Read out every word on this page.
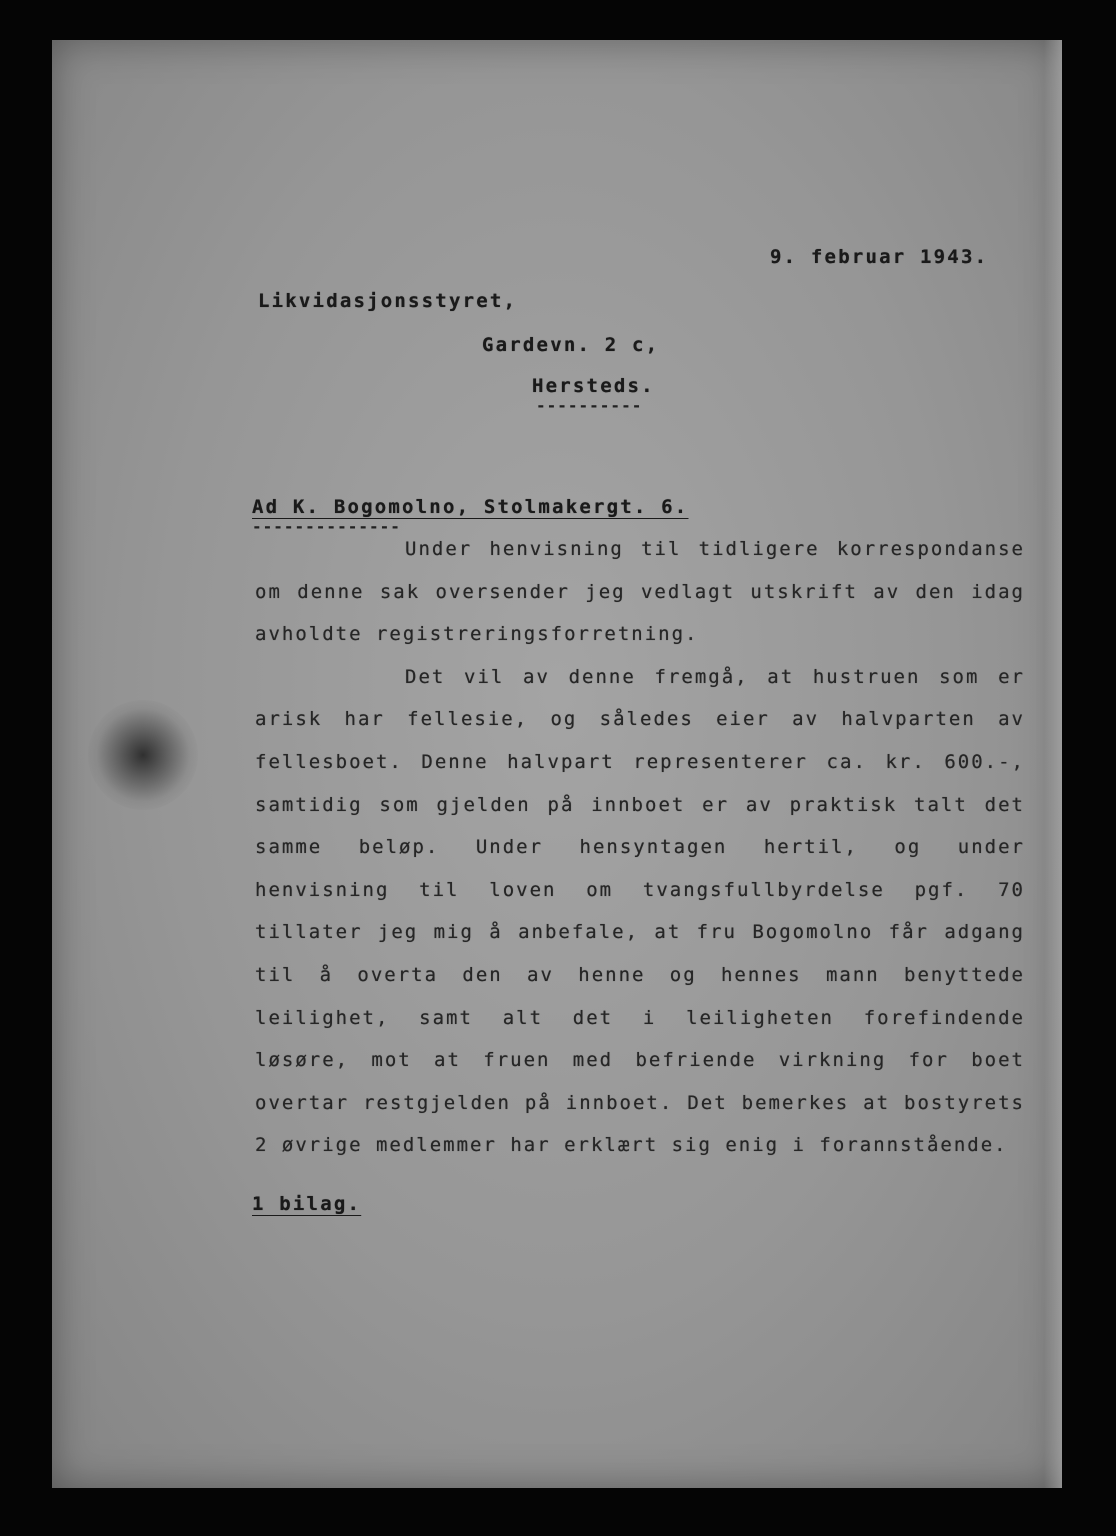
9. februar 1943.
Likvidasjonsstyret,
Gardevn. 2 c,
Hersteds.
----------
Ad K. Bogomolno, Stolmakergt. 6.
--------------

Under henvisning til tidligere korrespondanse om denne sak oversender jeg vedlagt utskrift av den idag avholdte registreringsforretning.

Det vil av denne fremgå, at hustruen som er arisk har fellesie, og således eier av halvparten av fellesboet. Denne halvpart representerer ca. kr. 600.-, samtidig som gjelden på innboet er av praktisk talt det samme beløp. Under hensyntagen hertil, og under henvisning til loven om tvangsfullbyrdelse pgf. 70 tillater jeg mig å anbefale, at fru Bogomolno får adgang til å overta den av henne og hennes mann benyttede leilighet, samt alt det i leiligheten forefindende løsøre, mot at fruen med befriende virkning for boet overtar restgjelden på innboet. Det bemerkes at bostyrets 2 øvrige medlemmer har erklært sig enig i forannstående.

1 bilag.
